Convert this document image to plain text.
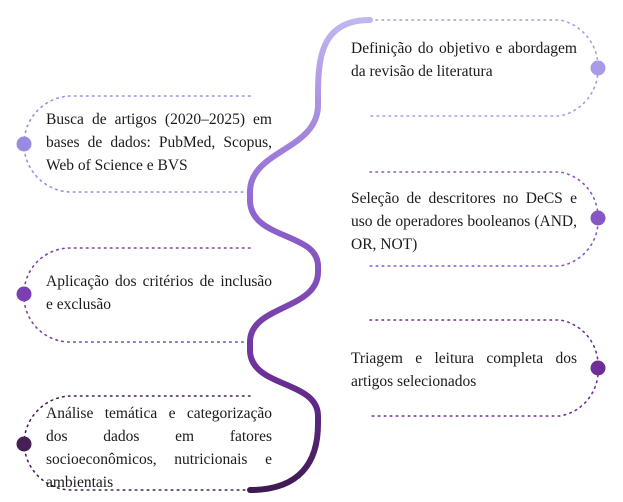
Definição do objetivo e abordagem da revisão de literatura
Busca de artigos (2020–2025) em bases de dados: PubMed, Scopus, Web of Science e BVS
Seleção de descritores no DeCS e uso de operadores booleanos (AND, OR, NOT)
Aplicação dos critérios de inclusão e exclusão
Triagem e leitura completa dos artigos selecionados
Análise temática e categorização dos dados em fatores socioeconômicos, nutricionais e ambientais
